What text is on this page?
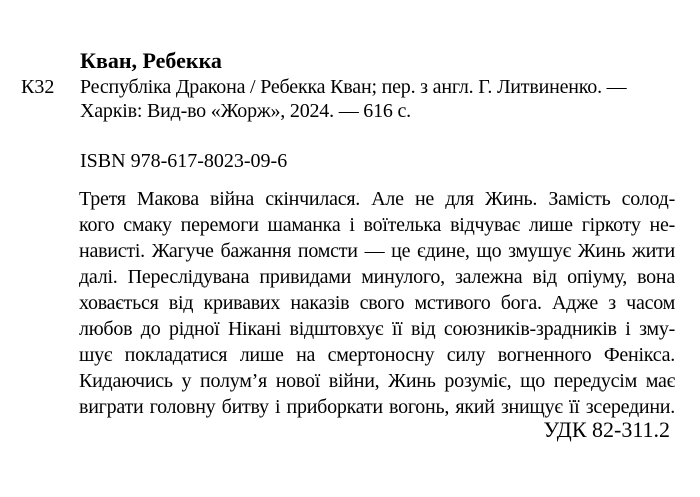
Кван, Ребекка
К32 Республіка Дракона / Ребекка Кван; пер. з англ. Г. Литвиненко. —
Харків: Вид-во «Жорж», 2024. — 616 с.
ISBN 978-617-8023-09-6
Третя Макова війна скінчилася. Але не для Жинь. Замість солод-
кого смаку перемоги шаманка і воїтелька відчуває лише гіркоту не-
нависті. Жагуче бажання помсти — це єдине, що змушує Жинь жити
далі. Переслідувана привидами минулого, залежна від опіуму, вона
ховається від кривавих наказів свого мстивого бога. Адже з часом
любов до рідної Нікані відштовхує її від союзників-зрадників і зму-
шує покладатися лише на смертоносну силу вогненного Фенікса.
Кидаючись у полум’я нової війни, Жинь розуміє, що передусім має
виграти головну битву і приборкати вогонь, який знищує її зсередини.
УДК 82-311.2
